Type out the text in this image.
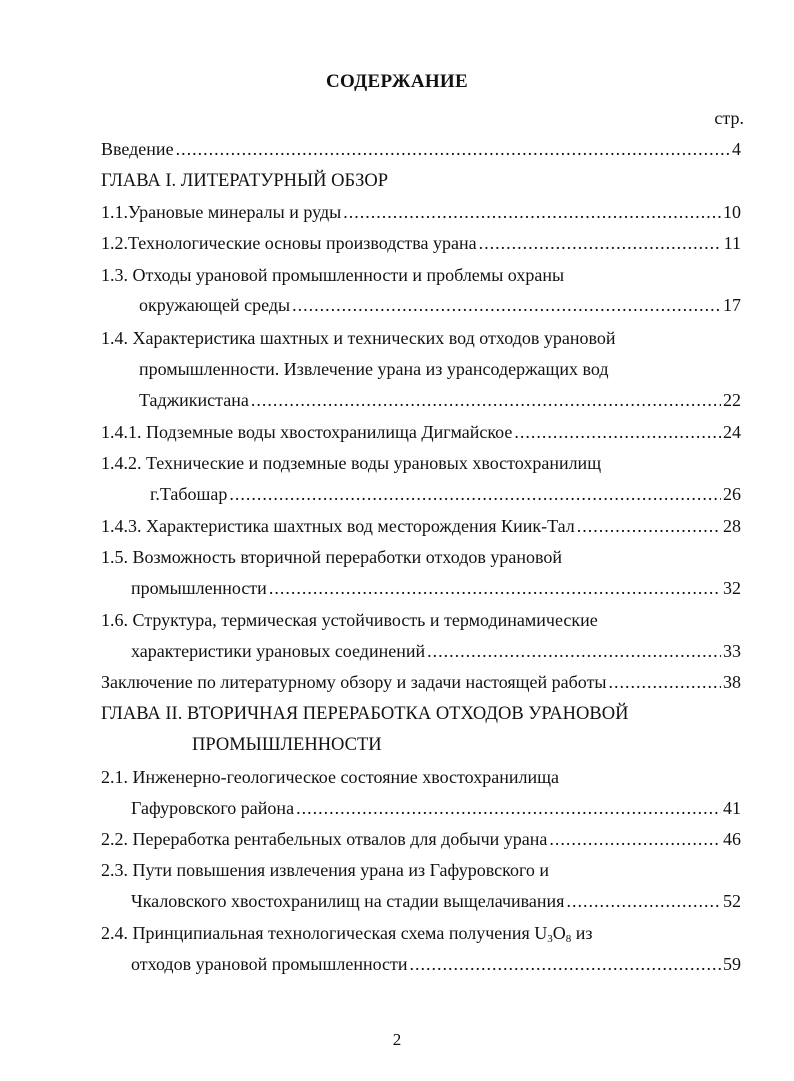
СОДЕРЖАНИЕ
стр.
Введение .....	4
ГЛАВА I. ЛИТЕРАТУРНЫЙ ОБЗОР
1.1. Урановые минералы и руды .....	10
1.2. Технологические основы производства урана .....	11
1.3. Отходы урановой промышленности и проблемы охраны
окружающей среды .....	17
1.4. Характеристика шахтных и технических вод отходов урановой
промышленности. Извлечение урана из урансодержащих вод
Таджикистана .....	22
1.4.1. Подземные воды хвостохранилища Дигмайское .....	24
1.4.2. Технические и подземные воды урановых хвостохранилищ
г.Табошар .....	26
1.4.3. Характеристика шахтных вод месторождения Киик-Тал .....	28
1.5. Возможность вторичной переработки отходов урановой
промышленности .....	32
1.6. Структура, термическая устойчивость и термодинамические
характеристики урановых соединений .....	33
Заключение по литературному обзору и задачи настоящей работы .....	38
ГЛАВА II. ВТОРИЧНАЯ ПЕРЕРАБОТКА ОТХОДОВ УРАНОВОЙ
ПРОМЫШЛЕННОСТИ
2.1. Инженерно-геологическое состояние хвостохранилища
Гафуровского района .....	41
2.2. Переработка рентабельных отвалов для добычи урана .....	46
2.3. Пути повышения извлечения урана из Гафуровского и
Чкаловского хвостохранилищ на стадии выщелачивания .....	52
2.4. Принципиальная технологическая схема получения $U_3O_8$ из
отходов урановой промышленности .....	59
2
